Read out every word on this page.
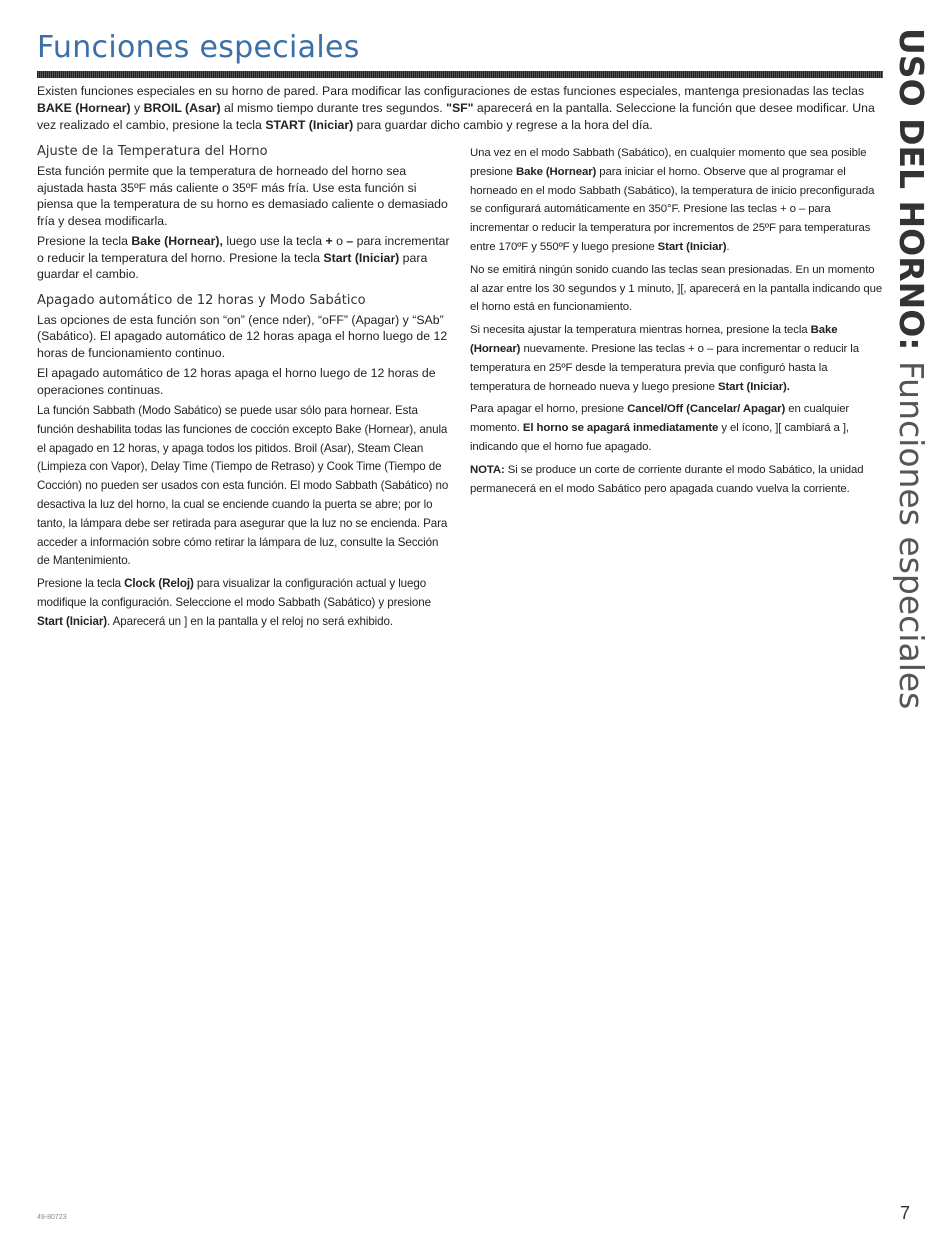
Funciones especiales

Existen funciones especiales en su horno de pared. Para modificar las configuraciones de estas funciones especiales, mantenga presionadas las teclas BAKE (Hornear) y BROIL (Asar) al mismo tiempo durante tres segundos. "SF" aparecerá en la pantalla. Seleccione la función que desee modificar. Una vez realizado el cambio, presione la tecla START (Iniciar) para guardar dicho cambio y regrese a la hora del día.

Ajuste de la Temperatura del Horno

Esta función permite que la temperatura de horneado del horno sea ajustada hasta 35ºF más caliente o 35ºF más fría. Use esta función si piensa que la temperatura de su horno es demasiado caliente o demasiado fría y desea modificarla.

Presione la tecla Bake (Hornear), luego use la tecla + o – para incrementar o reducir la temperatura del horno. Presione la tecla Start (Iniciar) para guardar el cambio.

Apagado automático de 12 horas y Modo Sabático

Las opciones de esta función son “on” (ence nder), “oFF” (Apagar) y “SAb” (Sabático). El apagado automático de 12 horas apaga el horno luego de 12 horas de funcionamiento continuo.

El apagado automático de 12 horas apaga el horno luego de 12 horas de operaciones continuas.

La función Sabbath (Modo Sabático) se puede usar sólo para hornear. Esta función deshabilita todas las funciones de cocción excepto Bake (Hornear), anula el apagado en 12 horas, y apaga todos los pitidos. Broil (Asar), Steam Clean (Limpieza con Vapor), Delay Time (Tiempo de Retraso) y Cook Time (Tiempo de Cocción) no pueden ser usados con esta función. El modo Sabbath (Sabático) no desactiva la luz del horno, la cual se enciende cuando la puerta se abre; por lo tanto, la lámpara debe ser retirada para asegurar que la luz no se encienda. Para acceder a información sobre cómo retirar la lámpara de luz, consulte la Sección de Mantenimiento.

Presione la tecla Clock (Reloj) para visualizar la configuración actual y luego modifique la configuración. Seleccione el modo Sabbath (Sabático) y presione Start (Iniciar). Aparecerá un ] en la pantalla y el reloj no será exhibido.

Una vez en el modo Sabbath (Sabático), en cualquier momento que sea posible presione Bake (Hornear) para iniciar el horno. Observe que al programar el horneado en el modo Sabbath (Sabático), la temperatura de inicio preconfigurada se configurará automáticamente en 350°F. Presione las teclas + o – para incrementar o reducir la temperatura por incrementos de 25ºF para temperaturas entre 170ºF y 550ºF y luego presione Start (Iniciar).

No se emitirá ningún sonido cuando las teclas sean presionadas. En un momento al azar entre los 30 segundos y 1 minuto, ][, aparecerá en la pantalla indicando que el horno está en funcionamiento.

Si necesita ajustar la temperatura mientras hornea, presione la tecla Bake (Hornear) nuevamente. Presione las teclas + o – para incrementar o reducir la temperatura en 25ºF desde la temperatura previa que configuró hasta la temperatura de horneado nueva y luego presione Start (Iniciar).

Para apagar el horno, presione Cancel/Off (Cancelar/ Apagar) en cualquier momento. El horno se apagará inmediatamente y el ícono, ][ cambiará a ], indicando que el horno fue apagado.

NOTA: Si se produce un corte de corriente durante el modo Sabático, la unidad permanecerá en el modo Sabático pero apagada cuando vuelva la corriente.

USO DEL HORNO: Funciones especiales
49-80723	7
